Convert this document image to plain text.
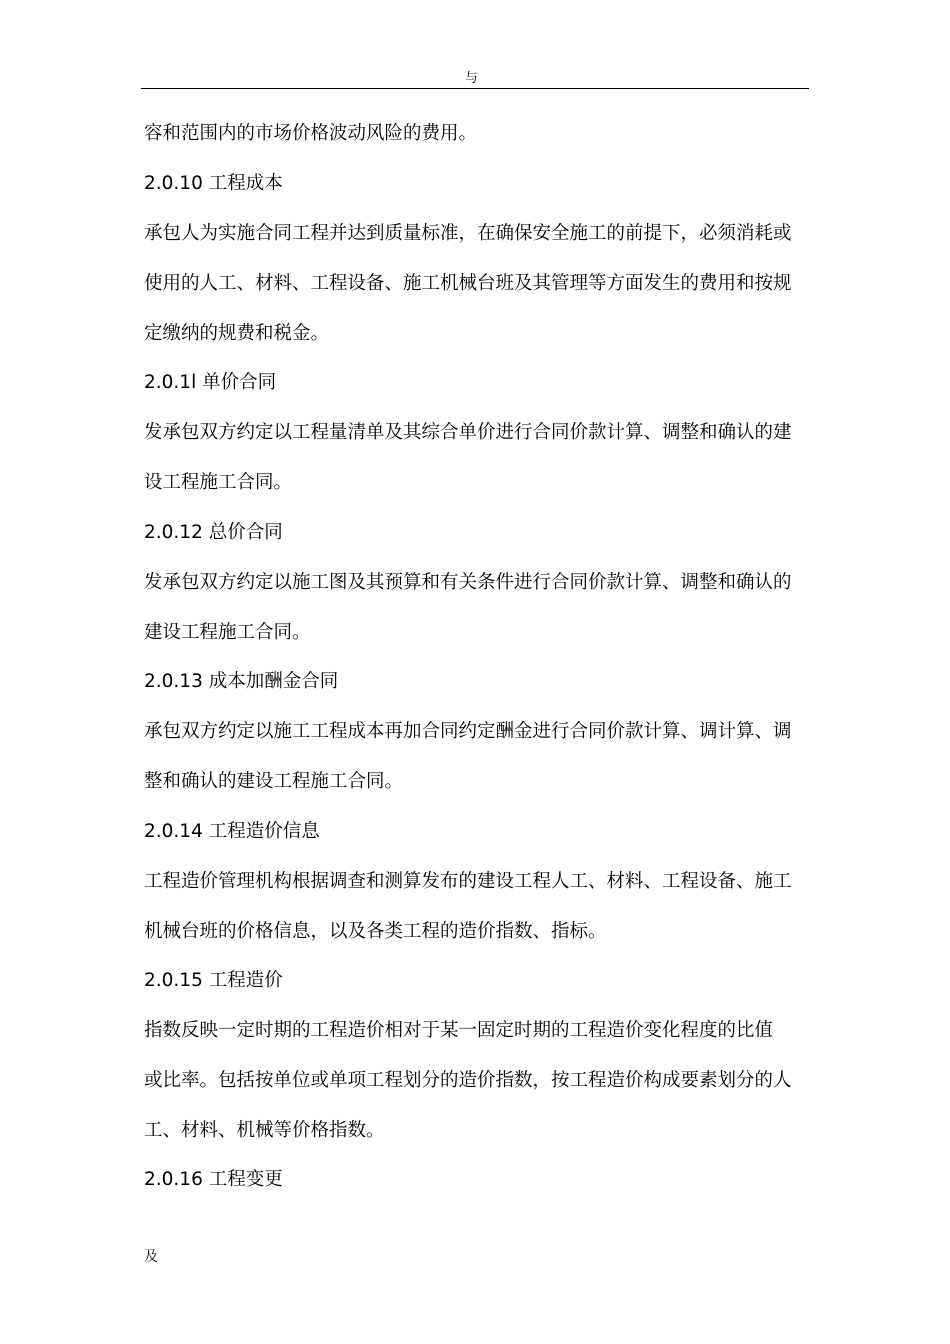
与
容和范围内的市场价格波动风险的费用。
2.0.10 工程成本
承包人为实施合同工程并达到质量标准，在确保安全施工的前提下，必须消耗或
使用的人工、材料、工程设备、施工机械台班及其管理等方面发生的费用和按规
定缴纳的规费和税金。
2.0.1l 单价合同
发承包双方约定以工程量清单及其综合单价进行合同价款计算、调整和确认的建
设工程施工合同。
2.0.12 总价合同
发承包双方约定以施工图及其预算和有关条件进行合同价款计算、调整和确认的
建设工程施工合同。
2.0.13 成本加酬金合同
承包双方约定以施工工程成本再加合同约定酬金进行合同价款计算、调计算、调
整和确认的建设工程施工合同。
2.0.14 工程造价信息
工程造价管理机构根据调查和测算发布的建设工程人工、材料、工程设备、施工
机械台班的价格信息，以及各类工程的造价指数、指标。
2.0.15 工程造价
指数反映一定时期的工程造价相对于某一固定时期的工程造价变化程度的比值
或比率。包括按单位或单项工程划分的造价指数，按工程造价构成要素划分的人
工、材料、机械等价格指数。
2.0.16 工程变更
及
